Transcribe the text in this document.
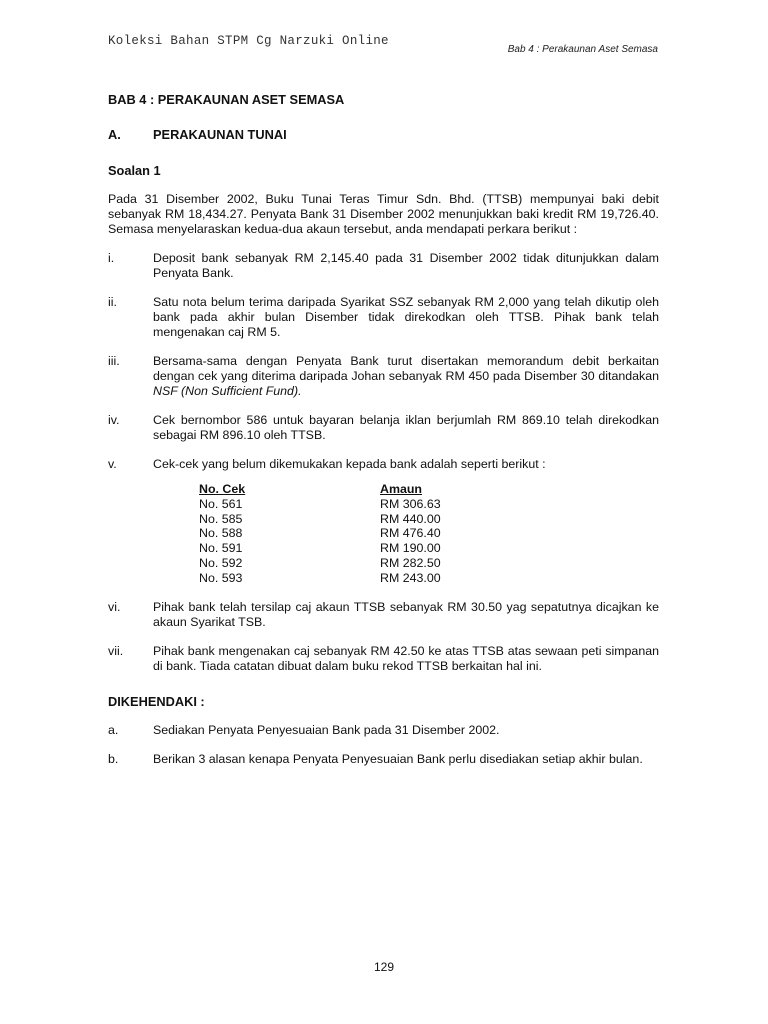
Koleksi Bahan STPM Cg Narzuki Online
Bab 4 : Perakaunan Aset Semasa

BAB 4 : PERAKAUNAN ASET SEMASA

A.	PERAKAUNAN TUNAI

Soalan 1

Pada 31 Disember 2002, Buku Tunai Teras Timur Sdn. Bhd. (TTSB) mempunyai baki debit sebanyak RM 18,434.27. Penyata Bank 31 Disember 2002 menunjukkan baki kredit RM 19,726.40. Semasa menyelaraskan kedua-dua akaun tersebut, anda mendapati perkara berikut :

i.	Deposit bank sebanyak RM 2,145.40 pada 31 Disember 2002 tidak ditunjukkan dalam Penyata Bank.
ii.	Satu nota belum terima daripada Syarikat SSZ sebanyak RM 2,000 yang telah dikutip oleh bank pada akhir bulan Disember tidak direkodkan oleh TTSB. Pihak bank telah mengenakan caj RM 5.
iii.	Bersama-sama dengan Penyata Bank turut disertakan memorandum debit berkaitan dengan cek yang diterima daripada Johan sebanyak RM 450 pada Disember 30 ditandakan NSF (Non Sufficient Fund).
iv.	Cek bernombor 586 untuk bayaran belanja iklan berjumlah RM 869.10 telah direkodkan sebagai RM 896.10 oleh TTSB.
v.	Cek-cek yang belum dikemukakan kepada bank adalah seperti berikut :
No. Cek	Amaun
No. 561	RM 306.63
No. 585	RM 440.00
No. 588	RM 476.40
No. 591	RM 190.00
No. 592	RM 282.50
No. 593	RM 243.00
vi.	Pihak bank telah tersilap caj akaun TTSB sebanyak RM 30.50 yag sepatutnya dicajkan ke akaun Syarikat TSB.
vii.	Pihak bank mengenakan caj sebanyak RM 42.50 ke atas TTSB atas sewaan peti simpanan di bank. Tiada catatan dibuat dalam buku rekod TTSB berkaitan hal ini.

DIKEHENDAKI :

a.	Sediakan Penyata Penyesuaian Bank pada 31 Disember 2002.
b.	Berikan 3 alasan kenapa Penyata Penyesuaian Bank perlu disediakan setiap akhir bulan.
129
